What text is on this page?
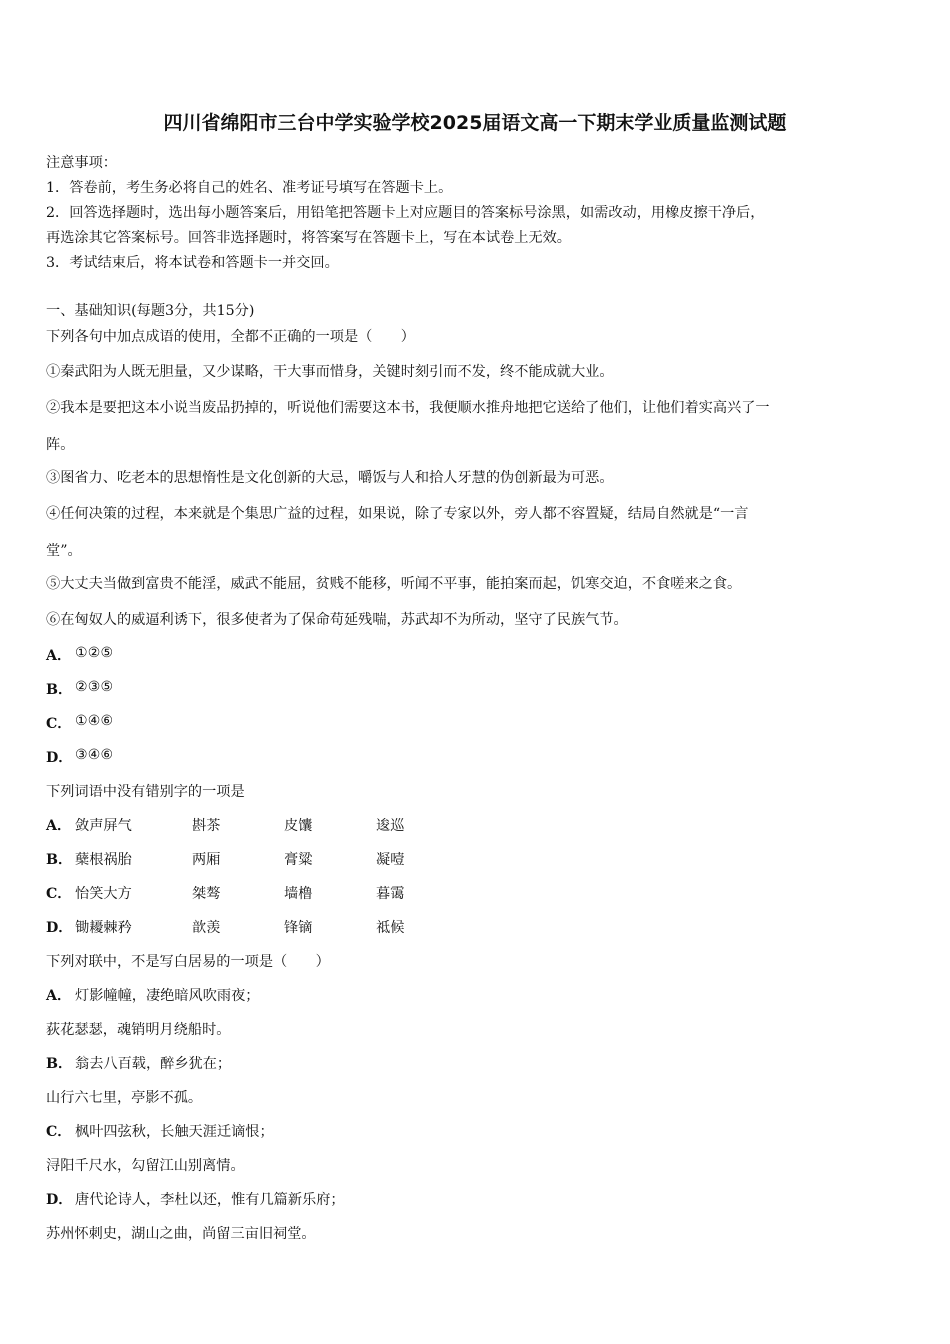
四川省绵阳市三台中学实验学校2025届语文高一下期末学业质量监测试题
注意事项：
1．答卷前，考生务必将自己的姓名、准考证号填写在答题卡上。
2．回答选择题时，选出每小题答案后，用铅笔把答题卡上对应题目的答案标号涂黑，如需改动，用橡皮擦干净后，
再选涂其它答案标号。回答非选择题时，将答案写在答题卡上，写在本试卷上无效。
3．考试结束后，将本试卷和答题卡一并交回。
一、基础知识(每题3分，共15分)
下列各句中加点成语的使用，全都不正确的一项是（　　）
①秦武阳为人既无胆量，又少谋略，干大事而惜身，关键时刻引而不发，终不能成就大业。
②我本是要把这本小说当废品扔掉的，听说他们需要这本书，我便顺水推舟地把它送给了他们，让他们着实高兴了一
阵。
③图省力、吃老本的思想惰性是文化创新的大忌，嚼饭与人和拾人牙慧的伪创新最为可恶。
④任何决策的过程，本来就是个集思广益的过程，如果说，除了专家以外，旁人都不容置疑，结局自然就是“一言
堂”。
⑤大丈夫当做到富贵不能淫，威武不能屈，贫贱不能移，听闻不平事，能拍案而起，饥寒交迫，不食嗟来之食。
⑥在匈奴人的威逼利诱下，很多使者为了保命苟延残喘，苏武却不为所动，坚守了民族气节。
A． ①②⑤
B． ②③⑤
C． ①④⑥
D． ③④⑥
下列词语中没有错别字的一项是
A． 敛声屏气	斟茶	皮馕	逡巡
B． 蘖根祸胎	两厢	膏粱	凝噎
C． 怡笑大方	桀骜	墙橹	暮霭
D． 锄耰棘矜	歆羡	锋镝	祗候
下列对联中，不是写白居易的一项是（　　）
A． 灯影幢幢，凄绝暗风吹雨夜；
荻花瑟瑟，魂销明月绕船时。
B． 翁去八百载，醉乡犹在；
山行六七里，亭影不孤。
C． 枫叶四弦秋，长触天涯迁谪恨；
浔阳千尺水，勾留江山别离情。
D． 唐代论诗人，李杜以还，惟有几篇新乐府；
苏州怀刺史，湖山之曲，尚留三亩旧祠堂。
